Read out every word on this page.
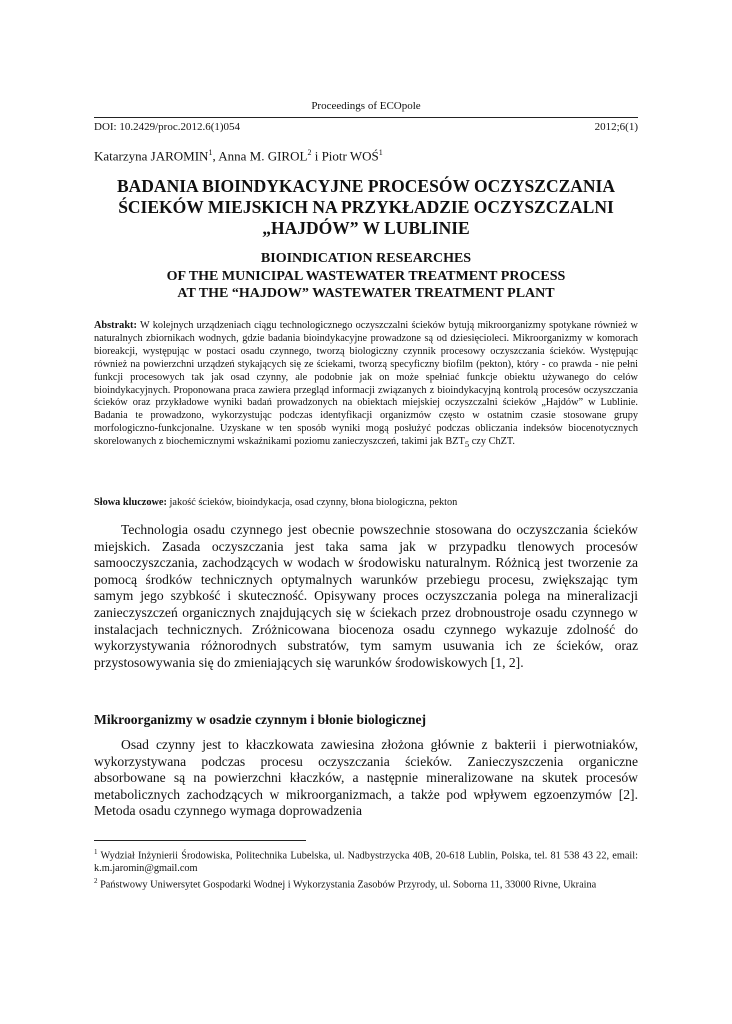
Proceedings of ECOpole
DOI: 10.2429/proc.2012.6(1)054	2012;6(1)
Katarzyna JAROMIN$^1$, Anna M. GIROL$^2$ i Piotr WOŚ$^1$
BADANIA BIOINDYKACYJNE PROCESÓW OCZYSZCZANIA
ŚCIEKÓW MIEJSKICH NA PRZYKŁADZIE OCZYSZCZALNI
„HAJDÓW” W LUBLINIE
BIOINDICATION RESEARCHES
OF THE MUNICIPAL WASTEWATER TREATMENT PROCESS
AT THE “HAJDOW” WASTEWATER TREATMENT PLANT
Abstrakt: W kolejnych urządzeniach ciągu technologicznego oczyszczalni ścieków bytują mikroorganizmy spotykane również w naturalnych zbiornikach wodnych, gdzie badania bioindykacyjne prowadzone są od dziesięcioleci. Mikroorganizmy w komorach bioreakcji, występując w postaci osadu czynnego, tworzą biologiczny czynnik procesowy oczyszczania ścieków. Występując również na powierzchni urządzeń stykających się ze ściekami, tworzą specyficzny biofilm (pekton), który - co prawda - nie pełni funkcji procesowych tak jak osad czynny, ale podobnie jak on może spełniać funkcje obiektu używanego do celów bioindykacyjnych. Proponowana praca zawiera przegląd informacji związanych z bioindykacyjną kontrolą procesów oczyszczania ścieków oraz przykładowe wyniki badań prowadzonych na obiektach miejskiej oczyszczalni ścieków „Hajdów” w Lublinie. Badania te prowadzono, wykorzystując podczas identyfikacji organizmów często w ostatnim czasie stosowane grupy morfologiczno-funkcjonalne. Uzyskane w ten sposób wyniki mogą posłużyć podczas obliczania indeksów biocenotycznych skorelowanych z biochemicznymi wskaźnikami poziomu zanieczyszczeń, takimi jak $BZT_5$ czy ChZT.
Słowa kluczowe: jakość ścieków, bioindykacja, osad czynny, błona biologiczna, pekton

Technologia osadu czynnego jest obecnie powszechnie stosowana do oczyszczania ścieków miejskich. Zasada oczyszczania jest taka sama jak w przypadku tlenowych procesów samooczyszczania, zachodzących w wodach w środowisku naturalnym. Różnicą jest tworzenie za pomocą środków technicznych optymalnych warunków przebiegu procesu, zwiększając tym samym jego szybkość i skuteczność. Opisywany proces oczyszczania polega na mineralizacji zanieczyszczeń organicznych znajdujących się w ściekach przez drobnoustroje osadu czynnego w instalacjach technicznych. Zróżnicowana biocenoza osadu czynnego wykazuje zdolność do wykorzystywania różnorodnych substratów, tym samym usuwania ich ze ścieków, oraz przystosowywania się do zmieniających się warunków środowiskowych [1, 2].

Mikroorganizmy w osadzie czynnym i błonie biologicznej

Osad czynny jest to kłaczkowata zawiesina złożona głównie z bakterii i pierwotniaków, wykorzystywana podczas procesu oczyszczania ścieków. Zanieczyszczenia organiczne absorbowane są na powierzchni kłaczków, a następnie mineralizowane na skutek procesów metabolicznych zachodzących w mikroorganizmach, a także pod wpływem egzoenzymów [2]. Metoda osadu czynnego wymaga doprowadzenia

$^1$ Wydział Inżynierii Środowiska, Politechnika Lubelska, ul. Nadbystrzycka 40B, 20-618 Lublin, Polska, tel. 81 538 43 22, email: k.m.jaromin@gmail.com

$^2$ Państwowy Uniwersytet Gospodarki Wodnej i Wykorzystania Zasobów Przyrody, ul. Soborna 11, 33000 Rivne, Ukraina
